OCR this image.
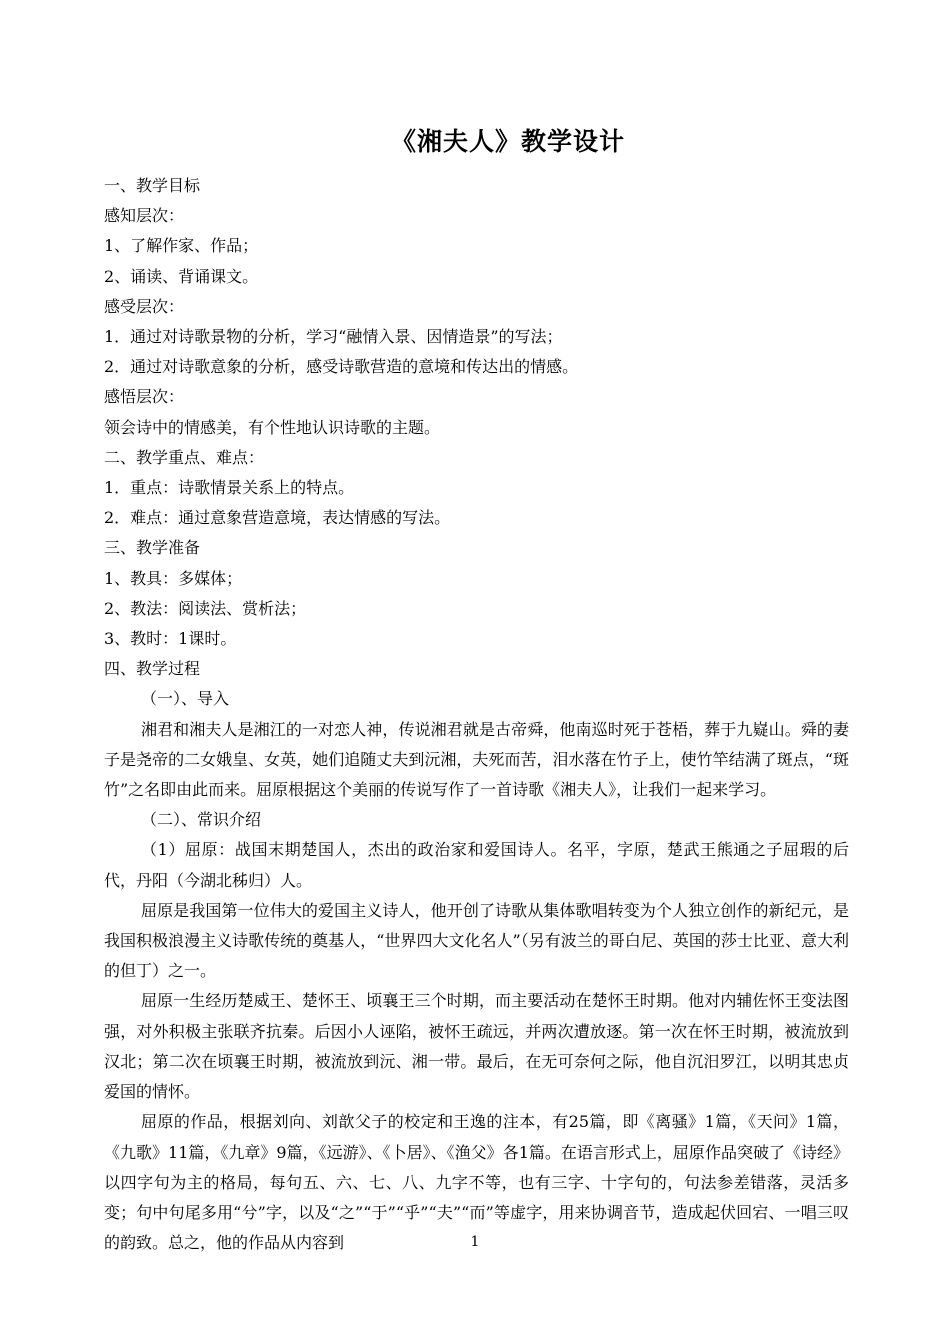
《湘夫人》教学设计
一、教学目标
感知层次：
1、了解作家、作品；
2、诵读、背诵课文。
感受层次：
1．通过对诗歌景物的分析，学习“融情入景、因情造景”的写法；
2．通过对诗歌意象的分析，感受诗歌营造的意境和传达出的情感。
感悟层次：
领会诗中的情感美，有个性地认识诗歌的主题。
二、教学重点、难点：
1．重点：诗歌情景关系上的特点。
2．难点：通过意象营造意境，表达情感的写法。
三、教学准备
1、教具：多媒体；
2、教法：阅读法、赏析法；
3、教时：1课时。
四、教学过程
（一）、导入
湘君和湘夫人是湘江的一对恋人神，传说湘君就是古帝舜，他南巡时死于苍梧，葬于九嶷山。舜的妻子是尧帝的二女娥皇、女英，她们追随丈夫到沅湘，夫死而苦，泪水落在竹子上，使竹竿结满了斑点，“斑竹”之名即由此而来。屈原根据这个美丽的传说写作了一首诗歌《湘夫人》，让我们一起来学习。
（二）、常识介绍
（1）屈原：战国末期楚国人，杰出的政治家和爱国诗人。名平，字原，楚武王熊通之子屈瑕的后代，丹阳（今湖北秭归）人。
屈原是我国第一位伟大的爱国主义诗人，他开创了诗歌从集体歌唱转变为个人独立创作的新纪元，是我国积极浪漫主义诗歌传统的奠基人，“世界四大文化名人”（另有波兰的哥白尼、英国的莎士比亚、意大利的但丁）之一。
屈原一生经历楚威王、楚怀王、顷襄王三个时期，而主要活动在楚怀王时期。他对内辅佐怀王变法图强，对外积极主张联齐抗秦。后因小人诬陷，被怀王疏远，并两次遭放逐。第一次在怀王时期，被流放到汉北；第二次在顷襄王时期，被流放到沅、湘一带。最后，在无可奈何之际，他自沉汨罗江，以明其忠贞爱国的情怀。
屈原的作品，根据刘向、刘歆父子的校定和王逸的注本，有25篇，即《离骚》1篇，《天问》1篇，《九歌》11篇，《九章》9篇，《远游》、《卜居》、《渔父》各1篇。在语言形式上，屈原作品突破了《诗经》以四字句为主的格局，每句五、六、七、八、九字不等，也有三字、十字句的，句法参差错落，灵活多变；句中句尾多用“兮”字，以及“之”“于”“乎”“夫”“而”等虚字，用来协调音节，造成起伏回宕、一唱三叹的韵致。总之，他的作品从内容到	1
